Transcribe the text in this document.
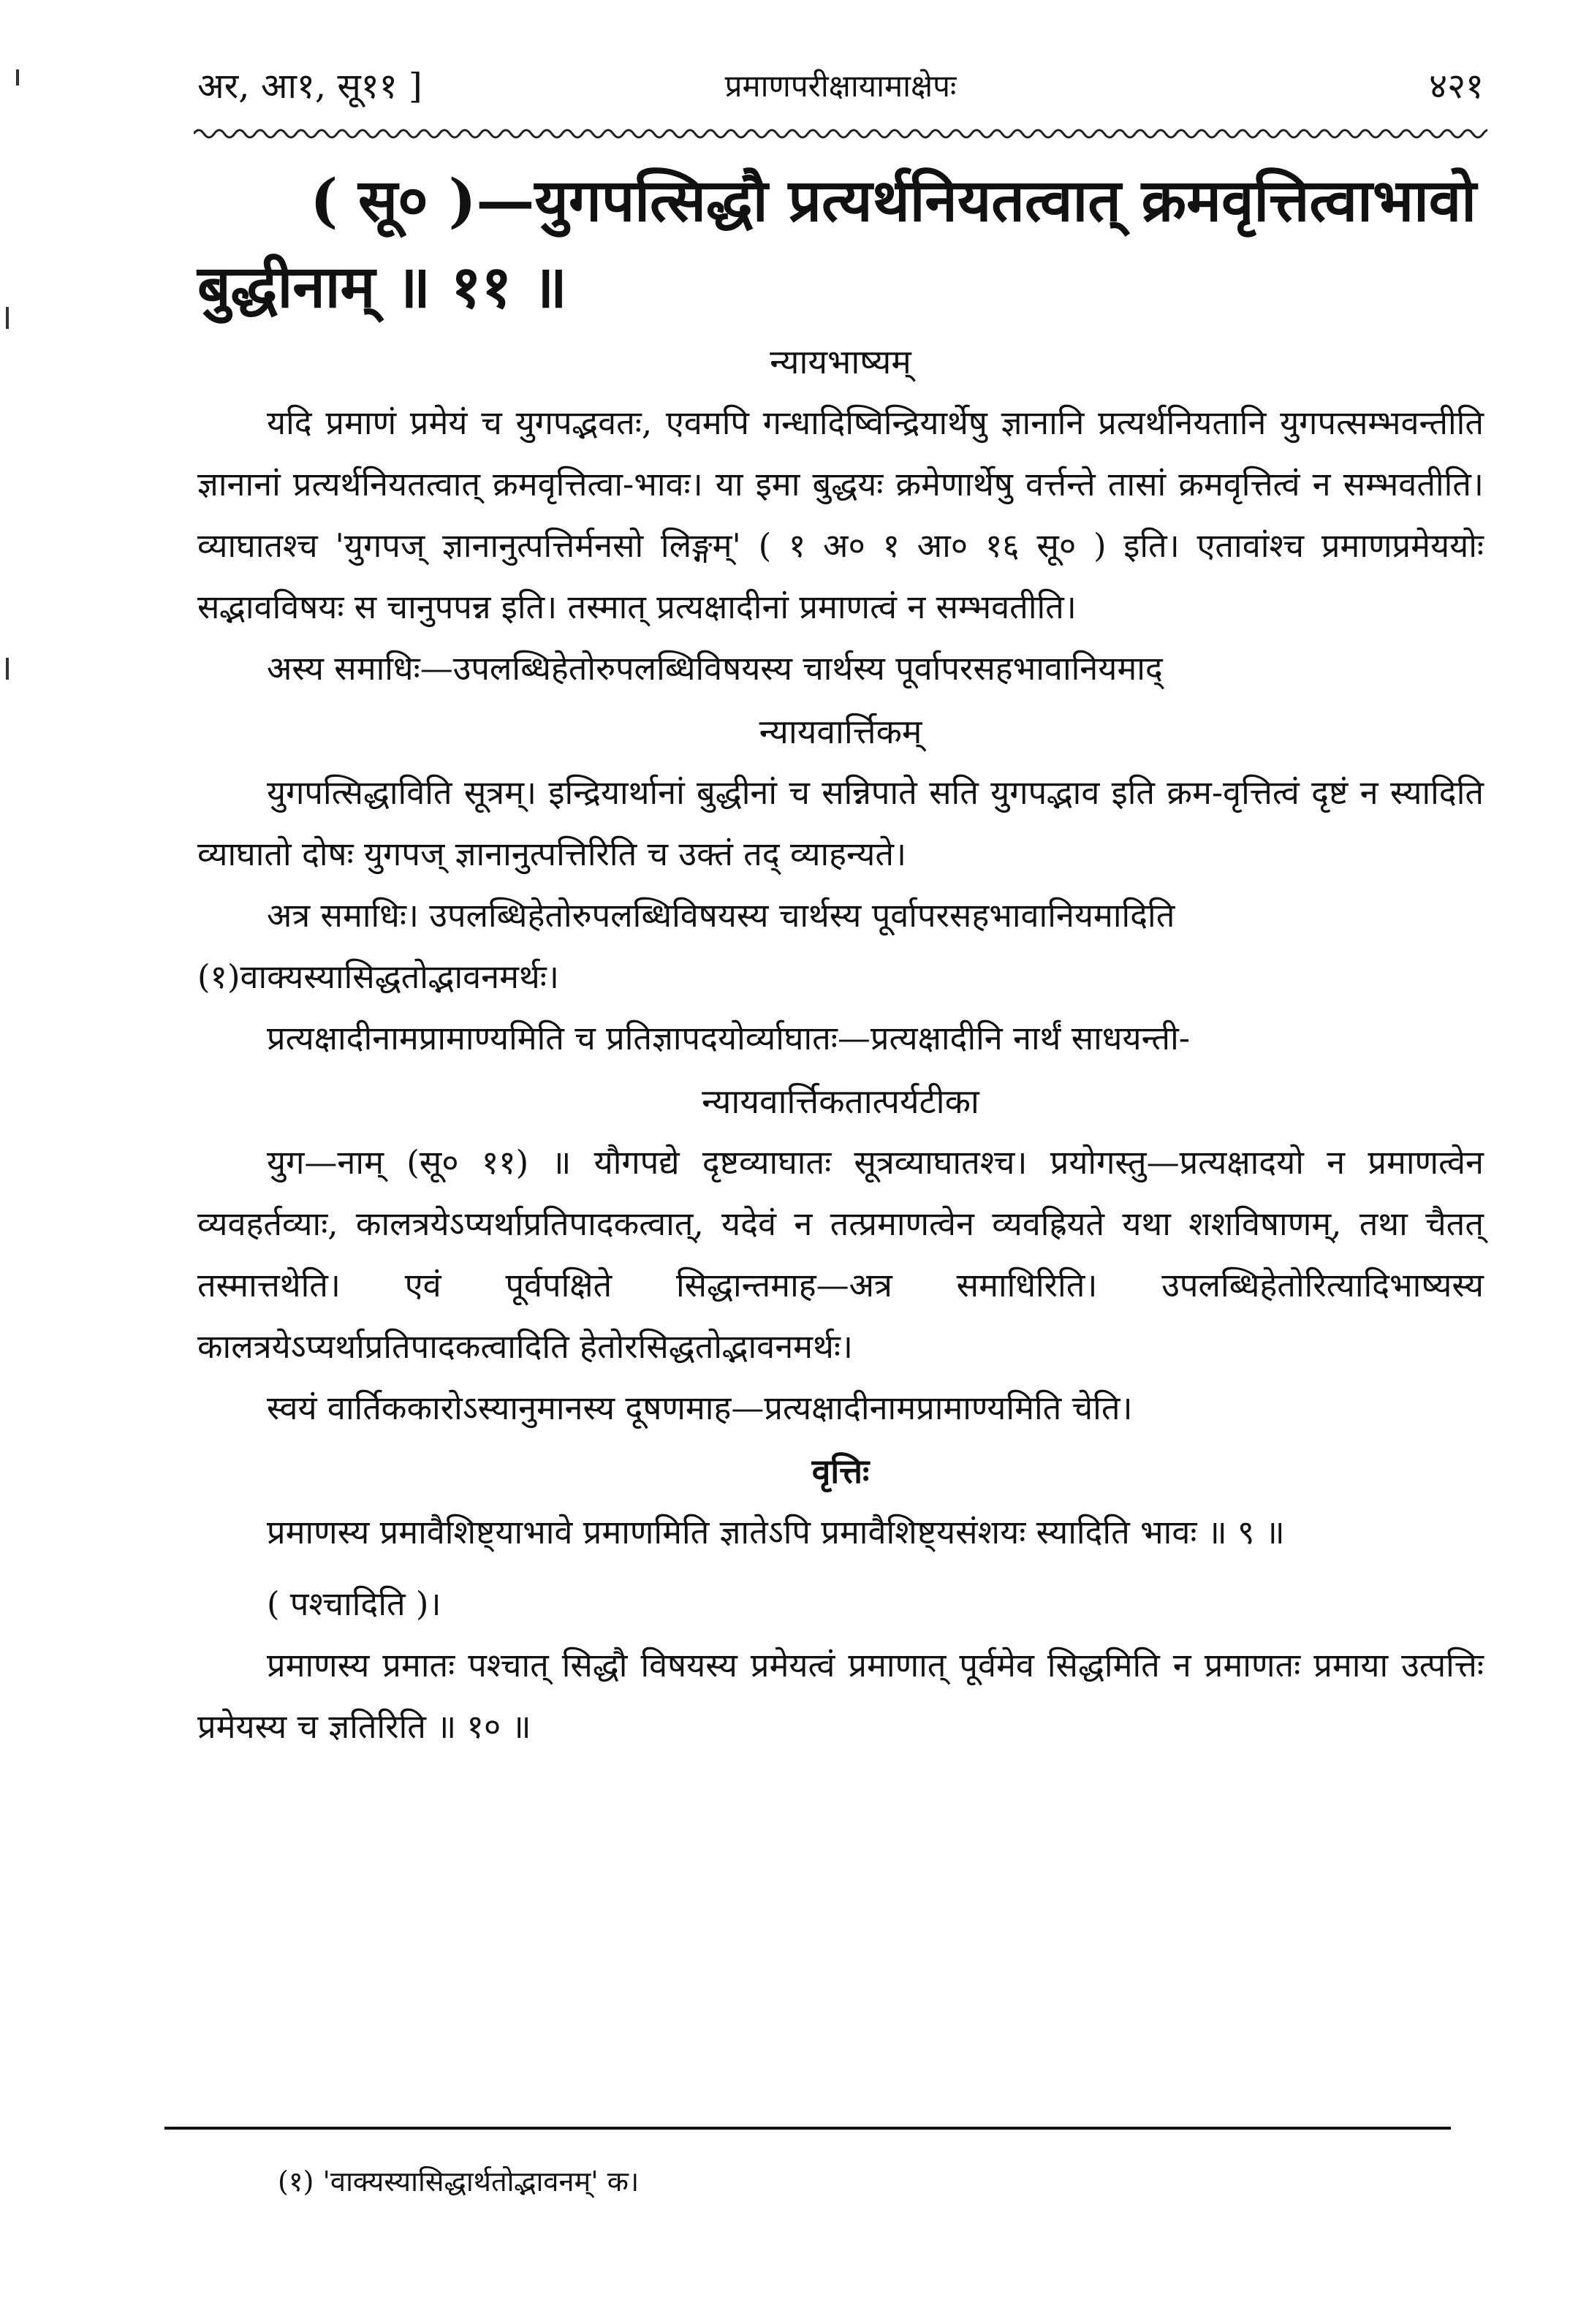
अर, आ१, सू११ ]	प्रमाणपरीक्षायामाक्षेपः	४२१
( सू० )—युगपत्सिद्धौ प्रत्यर्थनियतत्वात् क्रमवृत्तित्वाभावो
बुद्धीनाम् ॥ ११ ॥
न्यायभाष्यम्

यदि प्रमाणं प्रमेयं च युगपद्भवतः, एवमपि गन्धादिष्विन्द्रियार्थेषु ज्ञानानि प्रत्यर्थनियतानि युगपत्सम्भवन्तीति ज्ञानानां प्रत्यर्थनियतत्वात् क्रमवृत्तित्वा-भावः। या इमा बुद्धयः क्रमेणार्थेषु वर्त्तन्ते तासां क्रमवृत्तित्वं न सम्भवतीति। व्याघातश्च 'युगपज् ज्ञानानुत्पत्तिर्मनसो लिङ्गम्' ( १ अ० १ आ० १६ सू० ) इति। एतावांश्च प्रमाणप्रमेययोः सद्भावविषयः स चानुपपन्न इति। तस्मात् प्रत्यक्षादीनां प्रमाणत्वं न सम्भवतीति।

अस्य समाधिः—उपलब्धिहेतोरुपलब्धिविषयस्य चार्थस्य पूर्वापरसहभावानियमाद्

न्यायवार्त्तिकम्

युगपत्सिद्धाविति सूत्रम्। इन्द्रियार्थानां बुद्धीनां च सन्निपाते सति युगपद्भाव इति क्रम-वृत्तित्वं दृष्टं न स्यादिति व्याघातो दोषः युगपज् ज्ञानानुत्पत्तिरिति च उक्तं तद् व्याहन्यते।

अत्र समाधिः। उपलब्धिहेतोरुपलब्धिविषयस्य चार्थस्य पूर्वापरसहभावानियमादिति

(१)वाक्यस्यासिद्धतोद्भावनमर्थः।

प्रत्यक्षादीनामप्रामाण्यमिति च प्रतिज्ञापदयोर्व्याघातः—प्रत्यक्षादीनि नार्थं साधयन्ती-

न्यायवार्त्तिकतात्पर्यटीका

युग—नाम् (सू० ११) ॥ यौगपद्ये दृष्टव्याघातः सूत्रव्याघातश्च। प्रयोगस्तु—प्रत्यक्षादयो न प्रमाणत्वेन व्यवहर्तव्याः, कालत्रयेऽप्यर्थाप्रतिपादकत्वात्, यदेवं न तत्प्रमाणत्वेन व्यवह्रियते यथा शशविषाणम्, तथा चैतत् तस्मात्तथेति। एवं पूर्वपक्षिते सिद्धान्तमाह—अत्र समाधिरिति। उपलब्धिहेतोरित्यादिभाष्यस्य कालत्रयेऽप्यर्थाप्रतिपादकत्वादिति हेतोरसिद्धतोद्भावनमर्थः।

स्वयं वार्तिककारोऽस्यानुमानस्य दूषणमाह—प्रत्यक्षादीनामप्रामाण्यमिति चेति।

वृत्तिः

प्रमाणस्य प्रमावैशिष्ट्याभावे प्रमाणमिति ज्ञातेऽपि प्रमावैशिष्ट्यसंशयः स्यादिति भावः ॥ ९ ॥

( पश्चादिति )।

प्रमाणस्य प्रमातः पश्चात् सिद्धौ विषयस्य प्रमेयत्वं प्रमाणात् पूर्वमेव सिद्धमिति न प्रमाणतः प्रमाया उत्पत्तिः प्रमेयस्य च ज्ञतिरिति ॥ १० ॥

(१) 'वाक्यस्यासिद्धार्थतोद्भावनम्' क।
